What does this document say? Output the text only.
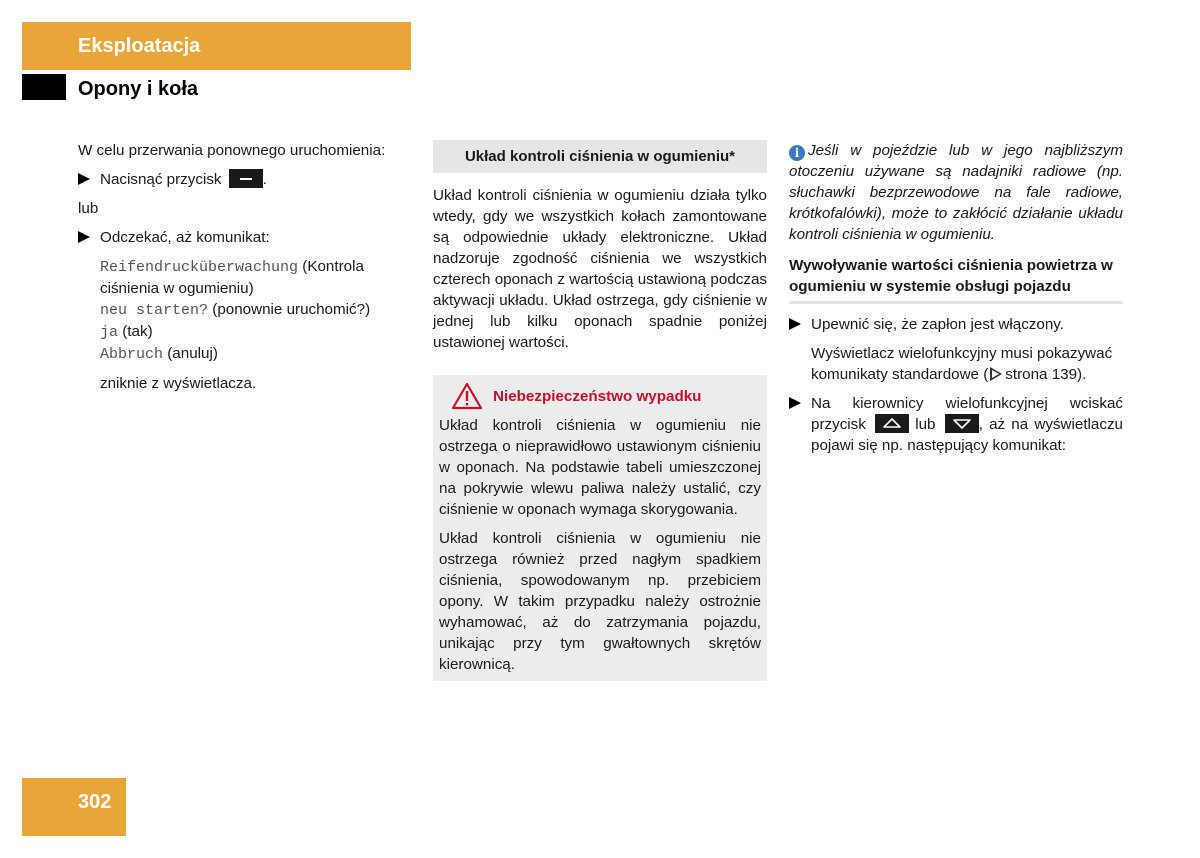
Eksploatacja
Opony i koła

W celu przerwania ponownego uruchomienia:

Nacisnąć przycisk	.

lub

Odczekać, aż komunikat:

Reifendrucküberwachung (Kontrola ciśnienia w ogumieniu)

neu starten? (ponownie uruchomić?)

ja (tak)

Abbruch (anuluj)

zniknie z wyświetlacza.

Układ kontroli ciśnienia w ogumieniu*

Układ kontroli ciśnienia w ogumieniu działa tylko wtedy, gdy we wszystkich kołach zamontowane są odpowiednie układy elektroniczne. Układ nadzoruje zgodność ciśnienia we wszystkich czterech oponach z wartością ustawioną podczas aktywacji układu. Układ ostrzega, gdy ciśnienie w jednej lub kilku oponach spadnie poniżej ustawionej wartości.

Niebezpieczeństwo wypadku

Układ kontroli ciśnienia w ogumieniu nie ostrzega o nieprawidłowo ustawionym ciśnieniu w oponach. Na podstawie tabeli umieszczonej na pokrywie wlewu paliwa należy ustalić, czy ciśnienie w oponach wymaga skorygowania.

Układ kontroli ciśnienia w ogumieniu nie ostrzega również przed nagłym spadkiem ciśnienia, spowodowanym np. przebiciem opony. W takim przypadku należy ostrożnie wyhamować, aż do zatrzymania pojazdu, unikając przy tym gwałtownych skrętów kierownicą.

i Jeśli w pojeździe lub w jego najbliższym otoczeniu używane są nadajniki radiowe (np. słuchawki bezprzewodowe na fale radiowe, krótkofalówki), może to zakłócić działanie układu kontroli ciśnienia w ogumieniu.

Wywoływanie wartości ciśnienia powietrza w ogumieniu w systemie obsługi pojazdu

Upewnić się, że zapłon jest włączony.

Wyświetlacz wielofunkcyjny musi pokazywać komunikaty standardowe ( strona 139).

Na kierownicy wielofunkcyjnej wciskać przycisk	lub	, aż na wyświetlaczu pojawi się np. następujący komunikat:

302
